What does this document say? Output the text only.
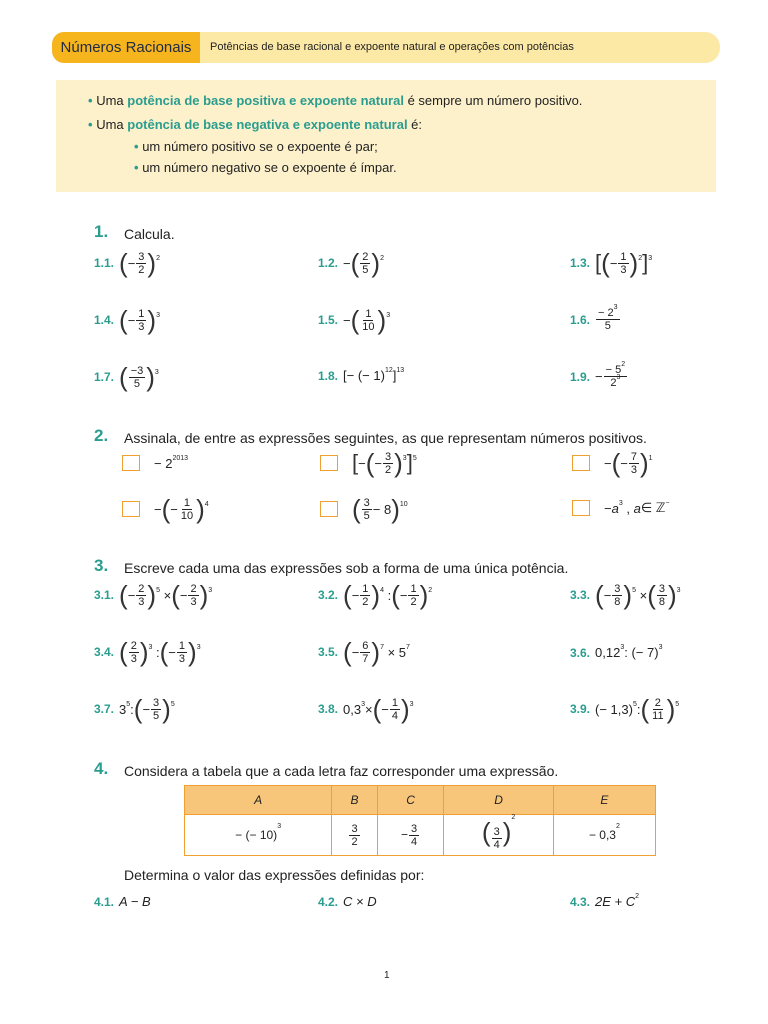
Números Racionais	Potências de base racional e expoente natural e operações com potências
• Uma potência de base positiva e expoente natural é sempre um número positivo.
• Uma potência de base negativa e expoente natural é:
• um número positivo se o expoente é par;
• um número negativo se o expoente é ímpar.
1. Calcula.
1.1. ( − $\frac{3}{2} )^2$	1.2. − ( $\frac{2}{5} )^2$	1.3. [ ( − $\frac{1}{3} )^2$ ]$^3$
1.4. ( − $\frac{1}{3} )^3$	1.5. − ( $\frac{1}{10} )^3$	1.6. $\frac{- 2^3}{5}$
1.7. ( $\frac{-3}{5} )^3$	1.8. [− (− 1)$^{12}$ ]$^{13}$	1.9. − $\frac{- 5^2}{2^3}$
2. Assinala, de entre as expressões seguintes, as que representam números positivos.
− $2^{2013}$	[ − ( − $\frac{3}{2} )^3$ ]$^5$	− ( − $\frac{7}{3} )^1$
− ( − $\frac{1}{10} )^4$	( $\frac{3}{5} - 8$ )$^{10}$	− $a^3$ , a ∈ ℤ−
3. Escreve cada uma das expressões sob a forma de uma única potência.
3.1. ( − $\frac{2}{3} )^5$ × ( − $\frac{2}{3} )^3$	3.2. ( − $\frac{1}{2} )^4$ : ( − $\frac{1}{2} )^2$	3.3. ( − $\frac{3}{8} )^5$ × ( $\frac{3}{8} )^3$
3.4. ( $\frac{2}{3} )^3$ : ( − $\frac{1}{3} )^3$	3.5. ( − $\frac{6}{7} )^7 \times 5^7$	3.6. 0,12$^3$ : (− 7)$^3$
3.7. $3^5$ : ( − $\frac{3}{5} )^5$	3.8. $0,3^3$ × ( − $\frac{1}{4} )^3$	3.9. (− 1,3)$^5$ : ( $\frac{2}{11} )^5$
4. Considera a tabela que a cada letra faz corresponder uma expressão.
A	B	C	D	E
− (− 10)$^3$	$\frac{3}{2}$	− $\frac{3}{4}$	( $\frac{3}{4} )^2$	− $0,3^2$
Determina o valor das expressões definidas por:
4.1. A − B	4.2. C × D	4.3. $2E + C^2$
1
